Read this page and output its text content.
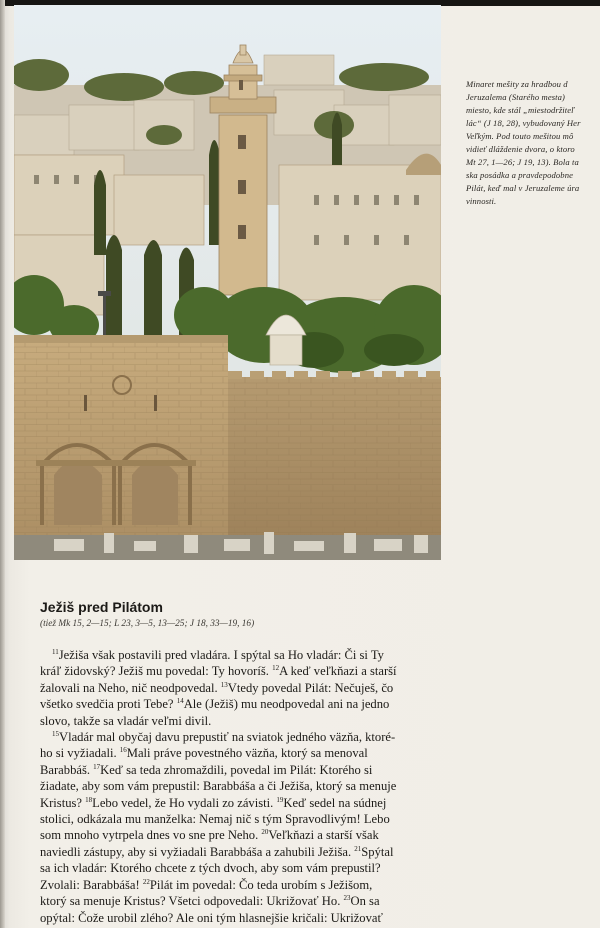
Minaret mešity za hradbou d
Jeruzalema (Starého mesta)
miesto, kde stál „miestodržiteľ
lác“ (J 18, 28), vybudovaný Her
Veľkým. Pod touto mešitou mô
vidieť dláždenie dvora, o ktoro
Mt 27, 1—26; J 19, 13). Bola ta
ska posádka a pravdepodobne
Pilát, keď mal v Jeruzaleme úra
vinnosti.
Ježiš pred Pilátom
(tiež Mk 15, 2—15; L 23, 3—5, 13—25; J 18, 33—19, 16)
$^{11}$Ježiša však postavili pred vladára. I spýtal sa Ho vladár: Či si Ty
kráľ židovský? Ježiš mu povedal: Ty hovoríš. $^{12}$A keď veľkňazi a starší
žalovali na Neho, nič neodpovedal. $^{13}$Vtedy povedal Pilát: Nečuješ, čo
všetko svedčia proti Tebe? $^{14}$Ale (Ježiš) mu neodpovedal ani na jedno
slovo, takže sa vladár veľmi divil.
$^{15}$Vladár mal obyčaj davu prepustiť na sviatok jedného väzňa, ktoré-
ho si vyžiadali. $^{16}$Mali práve povestného väzňa, ktorý sa menoval
Barabbáš. $^{17}$Keď sa teda zhromaždili, povedal im Pilát: Ktorého si
žiadate, aby som vám prepustil: Barabbáša a či Ježiša, ktorý sa menuje
Kristus? $^{18}$Lebo vedel, že Ho vydali zo závisti. $^{19}$Keď sedel na súdnej
stolici, odkázala mu manželka: Nemaj nič s tým Spravodlivým! Lebo
som mnoho vytrpela dnes vo sne pre Neho. $^{20}$Veľkňazi a starší však
naviedli zástupy, aby si vyžiadali Barabbáša a zahubili Ježiša. $^{21}$Spýtal
sa ich vladár: Ktorého chcete z tých dvoch, aby som vám prepustil?
Zvolali: Barabbáša! $^{22}$Pilát im povedal: Čo teda urobím s Ježišom,
ktorý sa menuje Kristus? Všetci odpovedali: Ukrižovať Ho. $^{23}$On sa
opýtal: Čože urobil zlého? Ale oni tým hlasnejšie kričali: Ukrižovať
